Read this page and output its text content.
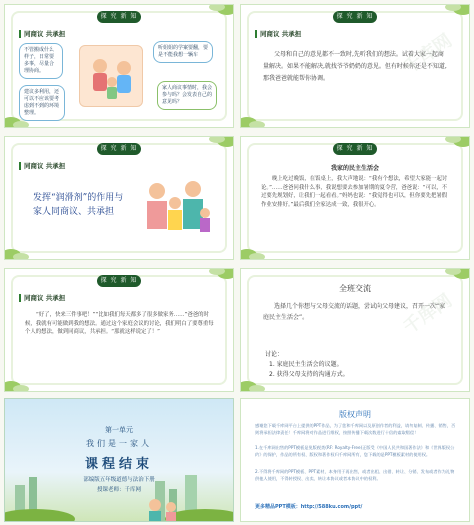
探 究 新 知
同商议 共承担
不管搬成什么样子，日常要多事，尽量合理协商。
建议多利用，还可以不应该要考虑到不到的环境整理。
听姐姐的学案要翻，要是不能我想一辆车
家人商议事情时，我会参与吗？会发表自己的意见吗？
探 究 新 知
同商议 共承担
父母和自己的意见都不一致时,先听我们的想法。试着大家一起商量解决。如果不能解决,就找爷爷奶奶的意见。但有时候你还是不知道,那我爸爸就能帮你协调。
探 究 新 知
同商议 共承担
发挥“润滑剂”的作用与家人同商议、共承担
探 究 新 知
我家的民主生活会
晚上吃过晚饭，在饭桌上，我大声地说：“我有个想法，希望大家能一起讨论。”……爸爸问我什么事，我说想要去参加暑期的夏令营，爸爸说：“可以，不过要先规划好，让我们一起看看。”妈妈也说：“我觉得也可以，但你要先把暑假作业安排好。”最后我们全家达成一致，我很开心。
探 究 新 知
同商议 共承担
“好了，快来三件事吧！”“比如我们每天都多了很多做家务……”爸爸的时候，我就有可能做到我的想法。通过这个家庭会议的讨论，我们明白了要尊重每个人的想法，做到同商议，共承担。“那就这样说定了！”
全班交流
选择几个你想与父母交流的话题，尝试向父母建议，召开一次“家庭民主生活会”。
讨论：
1. 家庭民主生活会的议题。
2. 获得父母支持的沟通方式。
第一单元
我们是一家人
课程结束
部编版五年级道德与法治下册
授课老师：千库网
版权声明
感谢您下载千库网平台上提供的PPT作品，为了您和千库网以及原创作者的利益，请勿复制、传播、销售，否则将承担法律责任！千库网将对作品进行维权，按照传播下载次数进行十倍的索取赔偿！
1.在千库网出售的PPT模板是免版税类(RF: Royalty-Free)正版受《中国人民共和国著作法》和《世界版权公约》的保护，作品的所有权、版权和著作权归千库网所有，您下载的是PPT模板素材的使用权。
2.不得将千库网的PPT模板、PPT素材，本身用于再出售，或者出租、出借、转让、分销、发布或者作为礼物供他人使用，不得转授权、出卖、转让本协议或者本协议中的权利。
更多精品PPT模板：http://588ku.com/ppt/
